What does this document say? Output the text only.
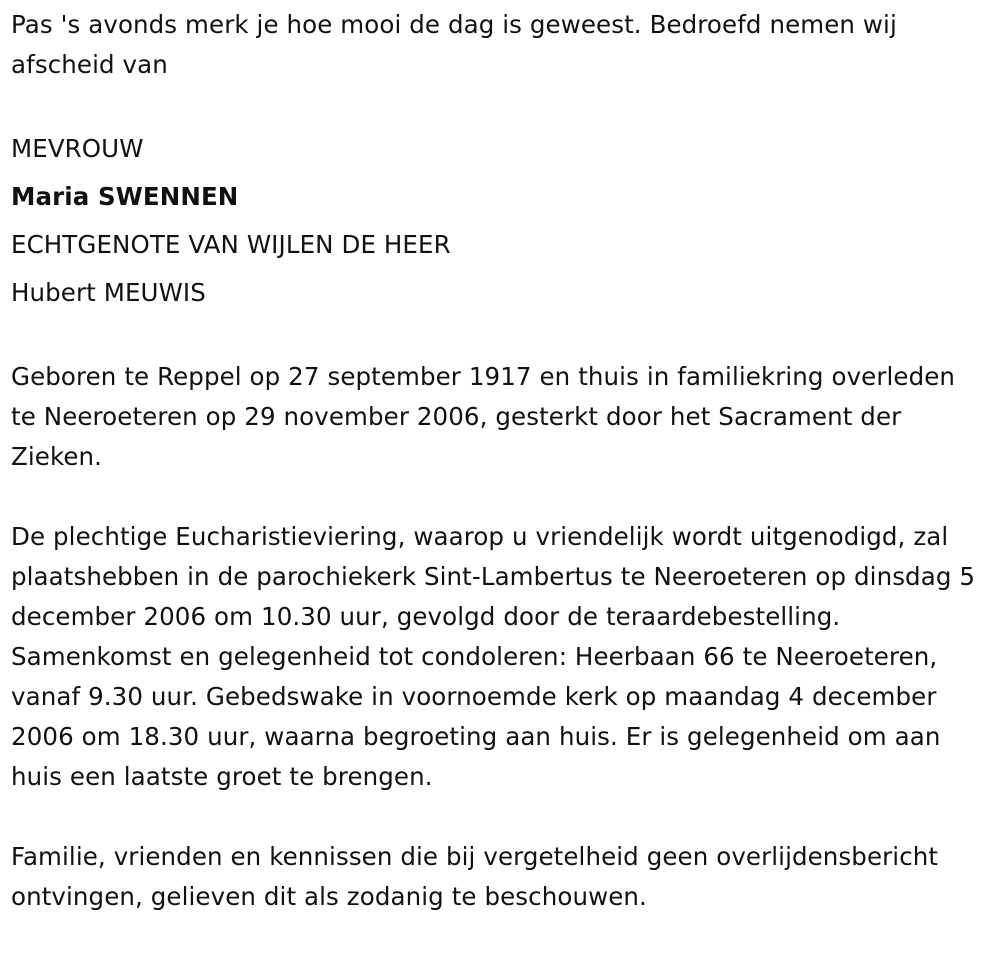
Pas 's avonds merk je hoe mooi de dag is geweest. Bedroefd nemen wij afscheid van

MEVROUW
Maria SWENNEN
ECHTGENOTE VAN WIJLEN DE HEER
Hubert MEUWIS

Geboren te Reppel op 27 september 1917 en thuis in familiekring overleden te Neeroeteren op 29 november 2006, gesterkt door het Sacrament der Zieken.

De plechtige Eucharistieviering, waarop u vriendelijk wordt uitgenodigd, zal plaatshebben in de parochiekerk Sint-Lambertus te Neeroeteren op dinsdag 5 december 2006 om 10.30 uur, gevolgd door de teraardebestelling. Samenkomst en gelegenheid tot condoleren: Heerbaan 66 te Neeroeteren, vanaf 9.30 uur. Gebedswake in voornoemde kerk op maandag 4 december 2006 om 18.30 uur, waarna begroeting aan huis. Er is gelegenheid om aan huis een laatste groet te brengen.

Familie, vrienden en kennissen die bij vergetelheid geen overlijdensbericht ontvingen, gelieven dit als zodanig te beschouwen.
